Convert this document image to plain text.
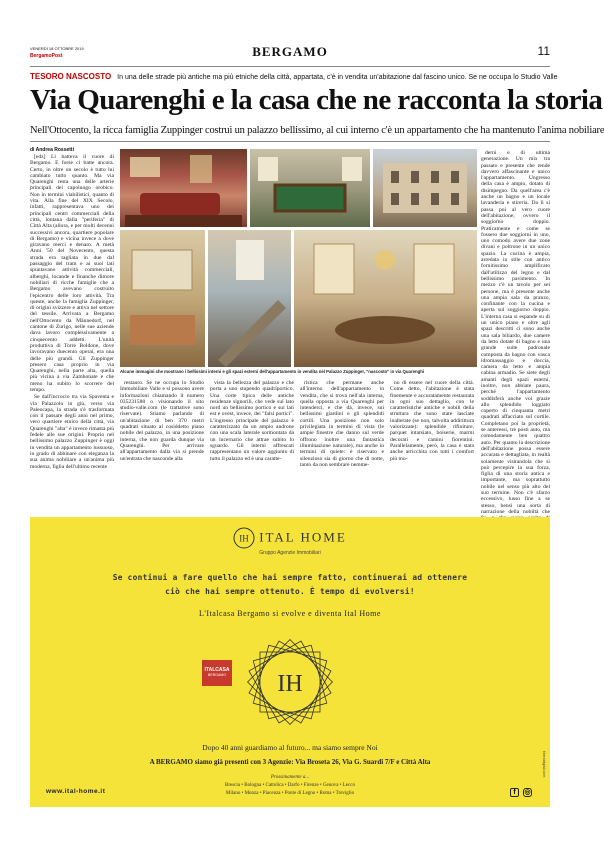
VENERDÌ 18 OTTOBRE 2019
BergamoPost	BERGAMO	11
TESORO NASCOSTO In una delle strade più antiche ma più etniche della città, appartata, c'è in vendita un'abitazione dal fascino unico. Se ne occupa lo Studio Valle
Via Quarenghi e la casa che ne racconta la storia
Nell'Ottocento, la ricca famiglia Zuppinger costruì un palazzo bellissimo, al cui interno c'è un appartamento che ha mantenuto l'anima nobiliare
di Andrea Rossetti

[edz] Li batteva il cuore di Bergamo. E forse ci batte ancora. Certo, in oltre un secolo è tutto lui cambiato tutto quanto. Ma via Quarenghi resta una delle arterie principali del capoluogo orobico. Non in termini viabilistici, quanto di vita. Alla fine del XIX Secolo, infatti, rappresentava uno dei principali centri commerciali della città, lontana dalla "periferia" di Città Alta (allora, e per molti decenni successivi ancora, quartiere popolare di Bergamo) e vicina invece a dove giravano merci e denaro. A metà Anni '50 del Novecento, questa strada era tagliata in due dal passaggio del tram e ai suoi lati spuntavano attività commerciali, alberghi, locande e finanche dimore nobiliari di ricche famiglie che a Bergamo avevano costruito l'epicentro delle loro attività. Tra queste, anche la famiglia Zuppinger, di origini svizzere e attiva nel settore del tessile. Arrivata a Bergamo nell'Ottocento da Männedorf, nel cantone di Zurigo, nelle sue aziende dava lavoro complessivamente a cinquecento addetti. L'unità produttiva di Torre Boldone, dove lavoravano duecento operai, era una delle più grandi. Gli Zuppinger presero casa proprio in via Quarenghi, nella parte alta, quella più vicina a via Zambonate e che meno ha subìto lo scorrere del tempo.

Se dall'incrocio tra via Spaventa e via Palazzolo in giù, verso via Paleocapa, la strada s'è trasformata con il passare degli anni nel primo, vero quartiere etnico della città, via Quarenghi "alta" è invece rimasta più fedele alle sue origini. Proprio nel bellissimo palazzo Zuppinger è oggi in vendita un appartamento lussuoso, in grado di abbinare con eleganza la sua anima nobiliare a un'anima più moderna, figlia dell'ultimo recente

Alcune immagini che mostrano i bellissimi interni e gli spazi esterni dell'appartamento in vendita nel Palazzo Zuppinger, "nascosto" in via Quarenghi

restauro. Se ne occupa lo Studio Immobiliare Valle e si possono avere informazioni chiamando il numero 035231588 o visionando il sito studio-valle.com (le trattative sono riservate). Stiamo parlando di un'abitazione di ben 370 metri quadrati situato al cosiddetto piano nobile del palazzo, in una posizione interna, che non guarda dunque via Quarenghi. Per arrivare all'appartamento dalla via si prende un'entrata che nasconde alla

vista la bellezza del palazzo e che porta a uno stupendo quadriportico. Una corte tipica delle antiche residenze signorili, che vede sul lato nord un bellissimo portico e sui lati est e ovest, invece, dei "falsi portici". L'ingresso principale del palazzo è caratterizzato da un ampio androne con una scala laterale sormontata da un lucernario che attrae subito lo sguardo. Gli interni affrescati rappresentano un valore aggiunto di tutto il palazzo ed è una caratte-

ristica che permane anche all'interno dell'appartamento in vendita, che si trova nell'ala interna, quella opposta a via Quarenghi per intenderci, e che dà, invece, sui bellissimi giardini e gli splendidi cortili. Una posizione non solo privilegiata in termini di vista (le ampie finestre che danno sul verde offrono inoltre una fantastica illuminazione naturale), ma anche in termini di quiete: è riservato e silenzioso sia di giorno che di notte, tanto da non sembrare nemme-

no di essere nel cuore della città. Come detto, l'abitazione è stata finemente e accuratamente restaurata in ogni suo dettaglio, con le caratteristiche antiche e nobili della struttura che sono state lasciate inalterate (se non, talvolta addirittura valorizzate): splendide rifiniture, parquet intarsiato, boiserie, marmi decorati e camini fiorentini. Parallelamente, però, la casa è stata anche arricchita con tutti i comfort più mo-

derni e di ultima generazione. Un mix tra passato e presente che rende davvero affascinante e unico l'appartamento. Ungresso della casa è ampio, dotato di disimpegno. Da quell'area c'è anche un bagno e un locale lavanderia e stireria. Da lì si passa poi al vero cuore dell'abitazione, ovvero il soggiorno doppio. Praticamente e come se fossero due soggiorni in uno, uno comodo avere due zone divani e poltrone in un unico spazio. La cucina è ampia, arredata in stile con antico fornitissimo amplificato dall'utilizzo del legno e dal bellissimo pavimento. In mezzo c'è un tavolo per sei persone, ma è presente anche una ampia sala da pranzo, confinante con la cucina e aperta sul soggiorno doppio. L'interna casa si espande su di un unico piano e oltre agli spazi descritti ci sono anche una sala biliardo, due camere da letto dotate di bagno e una grande suite padronale composta da bagno con vasca idromassaggio e doccia, camera da letto e ampia cabina armadio. Se siete degli amanti degli spazi esterni, inoltre, non abbiate paura, perché l'appartamento soddisferà anche voi grazie allo splendido loggiato coperto di cinquanta metri quadrati affacciato sul cortile. Completano poi la proprietà, se anteressi, tre posti auto, ma comodamente ben quattro auto. Per quanto la descrizione dell'abitazione possa essere accurata e dettagliata, in realtà solamente visitandola che si può percepire la sua forza, figlia di una storia antica e importante, ma soprattutto nobile nel senso più alto del suo termine. Non c'è sfarzo eccessivo, lusso fine a se stesso, bensì una sorta di narrazione della nobiltà che

IH ITAL HOME
Gruppo Agenzie Immobiliari
Se continui a fare quello che hai sempre fatto, continuerai ad ottenere
ciò che hai sempre ottenuto. È tempo di evolversi!
L'Italcasa Bergamo si evolve e diventa Ital Home
IH
ITALCASA
BERGAMO
Dopo 40 anni guardiamo al futuro... ma siamo sempre Noi
A BERGAMO siamo già presenti con 3 Agenzie: Via Broseta 26, Via G. Suardi 7/F e Città Alta
Prossimamente a...
Brescia • Bologna • Cattolica • Darfo • Firenze • Genova • Lecco
Milano • Monza • Piacenza • Ponte di Legno • Roma • Treviglio
www.ital-home.it	f	◎
tiberiodigital.com
